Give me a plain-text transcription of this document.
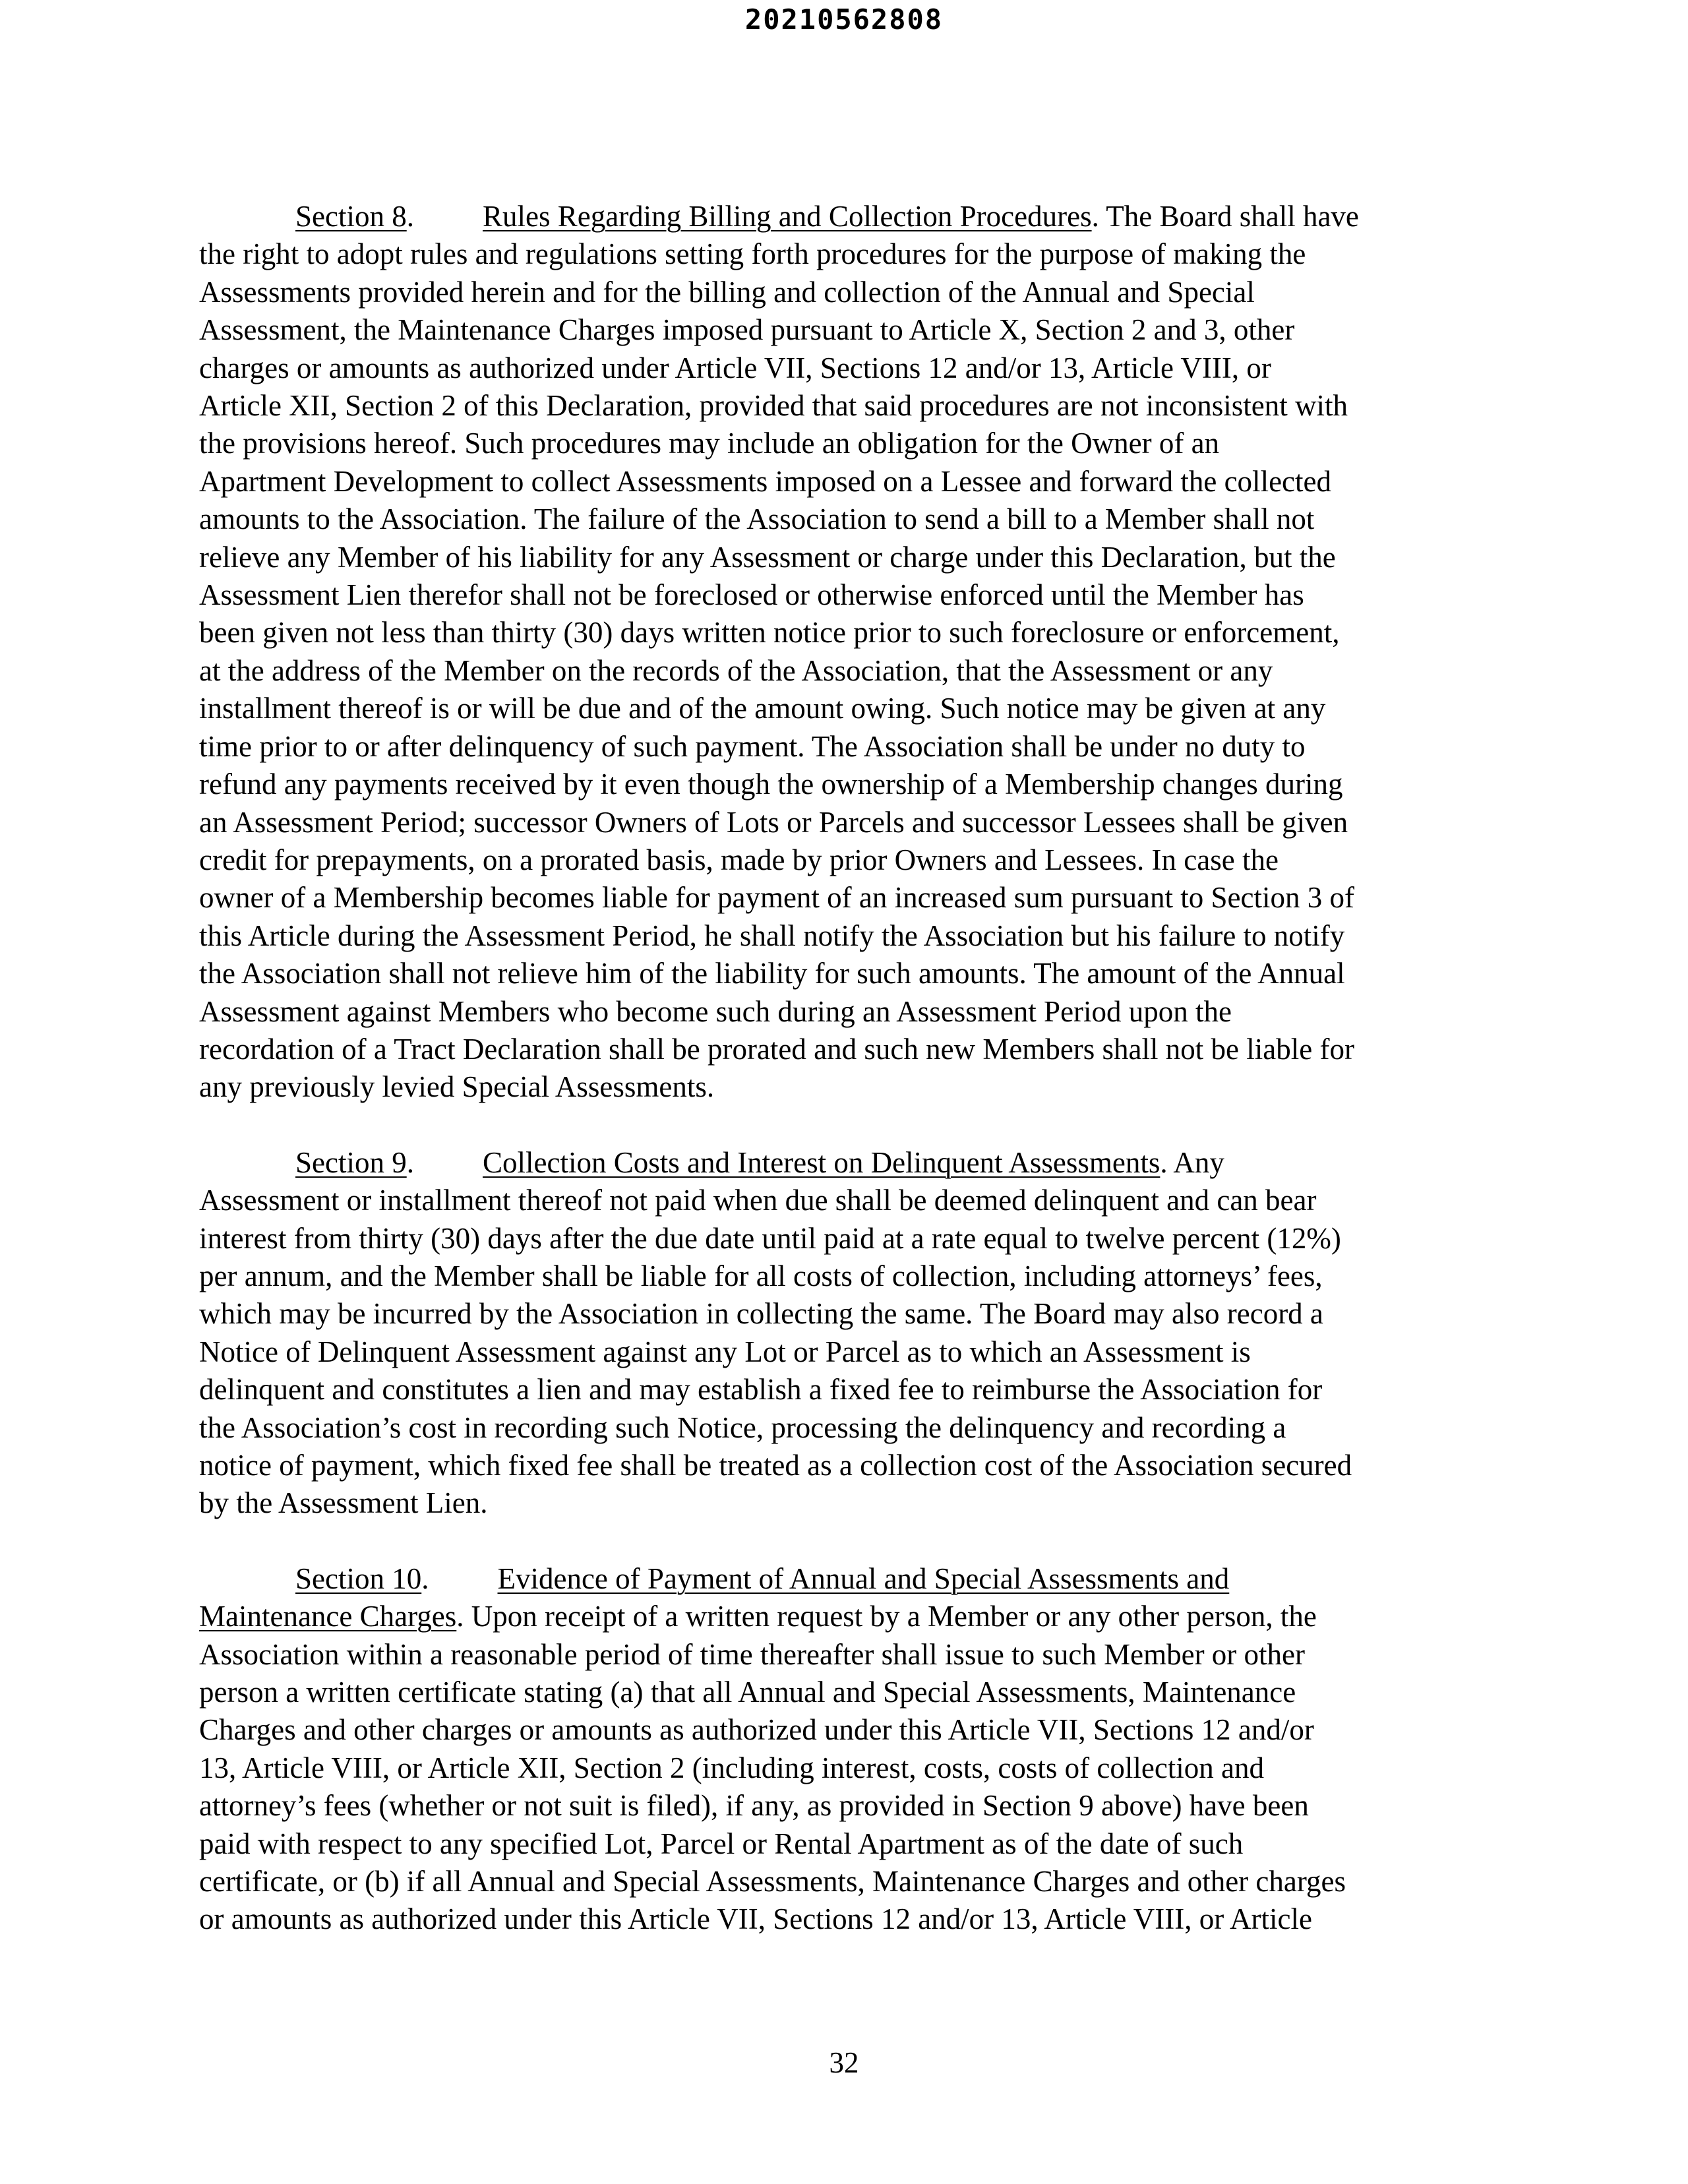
20210562808
Section 8. Rules Regarding Billing and Collection Procedures. The Board shall have
the right to adopt rules and regulations setting forth procedures for the purpose of making the
Assessments provided herein and for the billing and collection of the Annual and Special
Assessment, the Maintenance Charges imposed pursuant to Article X, Section 2 and 3, other
charges or amounts as authorized under Article VII, Sections 12 and/or 13, Article VIII, or
Article XII, Section 2 of this Declaration, provided that said procedures are not inconsistent with
the provisions hereof. Such procedures may include an obligation for the Owner of an
Apartment Development to collect Assessments imposed on a Lessee and forward the collected
amounts to the Association. The failure of the Association to send a bill to a Member shall not
relieve any Member of his liability for any Assessment or charge under this Declaration, but the
Assessment Lien therefor shall not be foreclosed or otherwise enforced until the Member has
been given not less than thirty (30) days written notice prior to such foreclosure or enforcement,
at the address of the Member on the records of the Association, that the Assessment or any
installment thereof is or will be due and of the amount owing. Such notice may be given at any
time prior to or after delinquency of such payment. The Association shall be under no duty to
refund any payments received by it even though the ownership of a Membership changes during
an Assessment Period; successor Owners of Lots or Parcels and successor Lessees shall be given
credit for prepayments, on a prorated basis, made by prior Owners and Lessees. In case the
owner of a Membership becomes liable for payment of an increased sum pursuant to Section 3 of
this Article during the Assessment Period, he shall notify the Association but his failure to notify
the Association shall not relieve him of the liability for such amounts. The amount of the Annual
Assessment against Members who become such during an Assessment Period upon the
recordation of a Tract Declaration shall be prorated and such new Members shall not be liable for
any previously levied Special Assessments.
Section 9. Collection Costs and Interest on Delinquent Assessments. Any
Assessment or installment thereof not paid when due shall be deemed delinquent and can bear
interest from thirty (30) days after the due date until paid at a rate equal to twelve percent (12%)
per annum, and the Member shall be liable for all costs of collection, including attorneys’ fees,
which may be incurred by the Association in collecting the same. The Board may also record a
Notice of Delinquent Assessment against any Lot or Parcel as to which an Assessment is
delinquent and constitutes a lien and may establish a fixed fee to reimburse the Association for
the Association’s cost in recording such Notice, processing the delinquency and recording a
notice of payment, which fixed fee shall be treated as a collection cost of the Association secured
by the Assessment Lien.
Section 10. Evidence of Payment of Annual and Special Assessments and
Maintenance Charges. Upon receipt of a written request by a Member or any other person, the
Association within a reasonable period of time thereafter shall issue to such Member or other
person a written certificate stating (a) that all Annual and Special Assessments, Maintenance
Charges and other charges or amounts as authorized under this Article VII, Sections 12 and/or
13, Article VIII, or Article XII, Section 2 (including interest, costs, costs of collection and
attorney’s fees (whether or not suit is filed), if any, as provided in Section 9 above) have been
paid with respect to any specified Lot, Parcel or Rental Apartment as of the date of such
certificate, or (b) if all Annual and Special Assessments, Maintenance Charges and other charges
or amounts as authorized under this Article VII, Sections 12 and/or 13, Article VIII, or Article
32
